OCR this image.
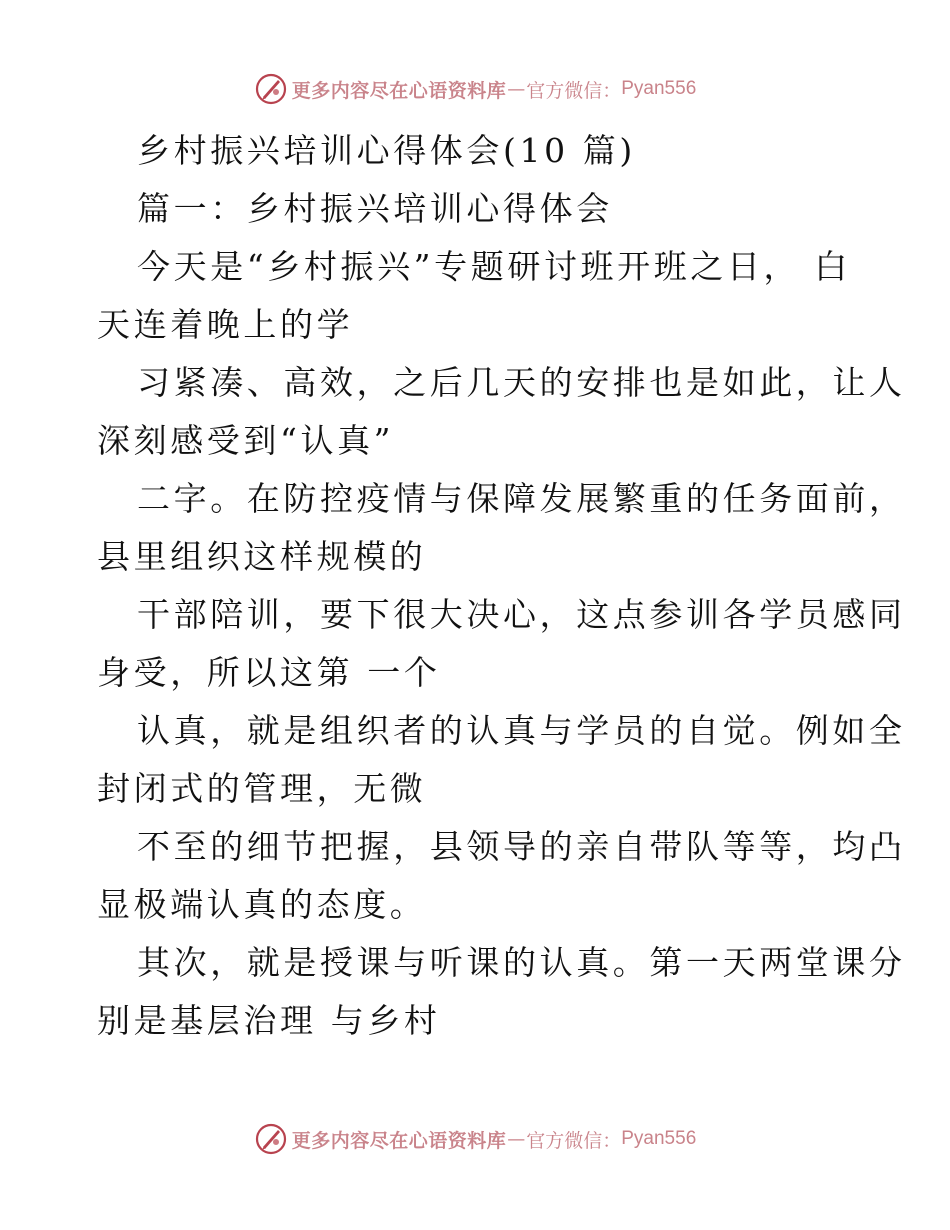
更多内容尽在心语资料库 — 官方微信： Pyan556
乡村振兴培训心得体会(10 篇)
篇一：乡村振兴培训心得体会
今天是“乡村振兴”专题研讨班开班之日， 白
天连着晚上的学
习紧凑、高效，之后几天的安排也是如此，让人
深刻感受到“认真”
二字。在防控疫情与保障发展繁重的任务面前，
县里组织这样规模的
干部陪训，要下很大决心，这点参训各学员感同
身受，所以这第 一个
认真，就是组织者的认真与学员的自觉。例如全
封闭式的管理，无微
不至的细节把握，县领导的亲自带队等等，均凸
显极端认真的态度。
其次，就是授课与听课的认真。第一天两堂课分
别是基层治理 与乡村
更多内容尽在心语资料库 — 官方微信： Pyan556
